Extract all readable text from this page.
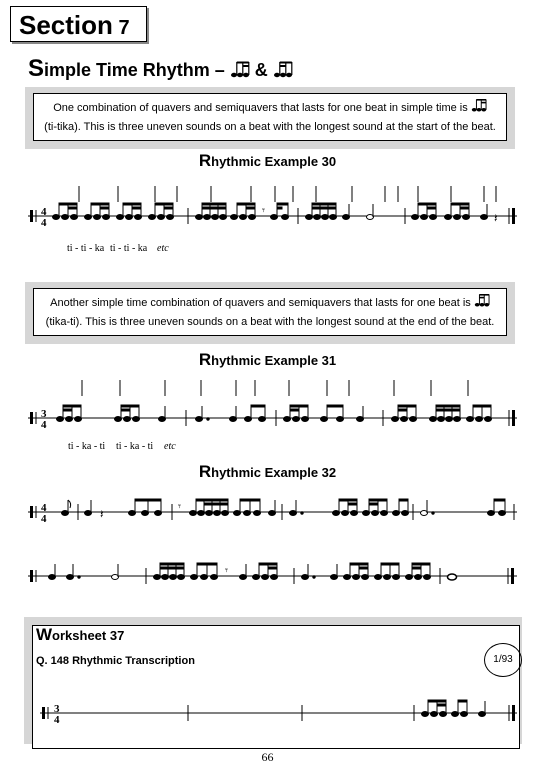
Section 7
Simple Time Rhythm – &
One combination of quavers and semiquavers that lasts for one beat in simple time is
(ti-tika). This is three uneven sounds on a beat with the longest sound at the start of the beat.
Rhythmic Example 30
4
4
𝄾	𝄽
ti - ti - ka ti - ti - ka etc
Another simple time combination of quavers and semiquavers that lasts for one beat is
(tika-ti). This is three uneven sounds on a beat with the longest sound at the end of the beat.
Rhythmic Example 31
3
4
ti - ka - ti ti - ka - ti etc
Rhythmic Example 32
4
4	𝄽	𝄾
𝄾
Worksheet 37
Q. 148 Rhythmic Transcription	1/93
3
4
66
